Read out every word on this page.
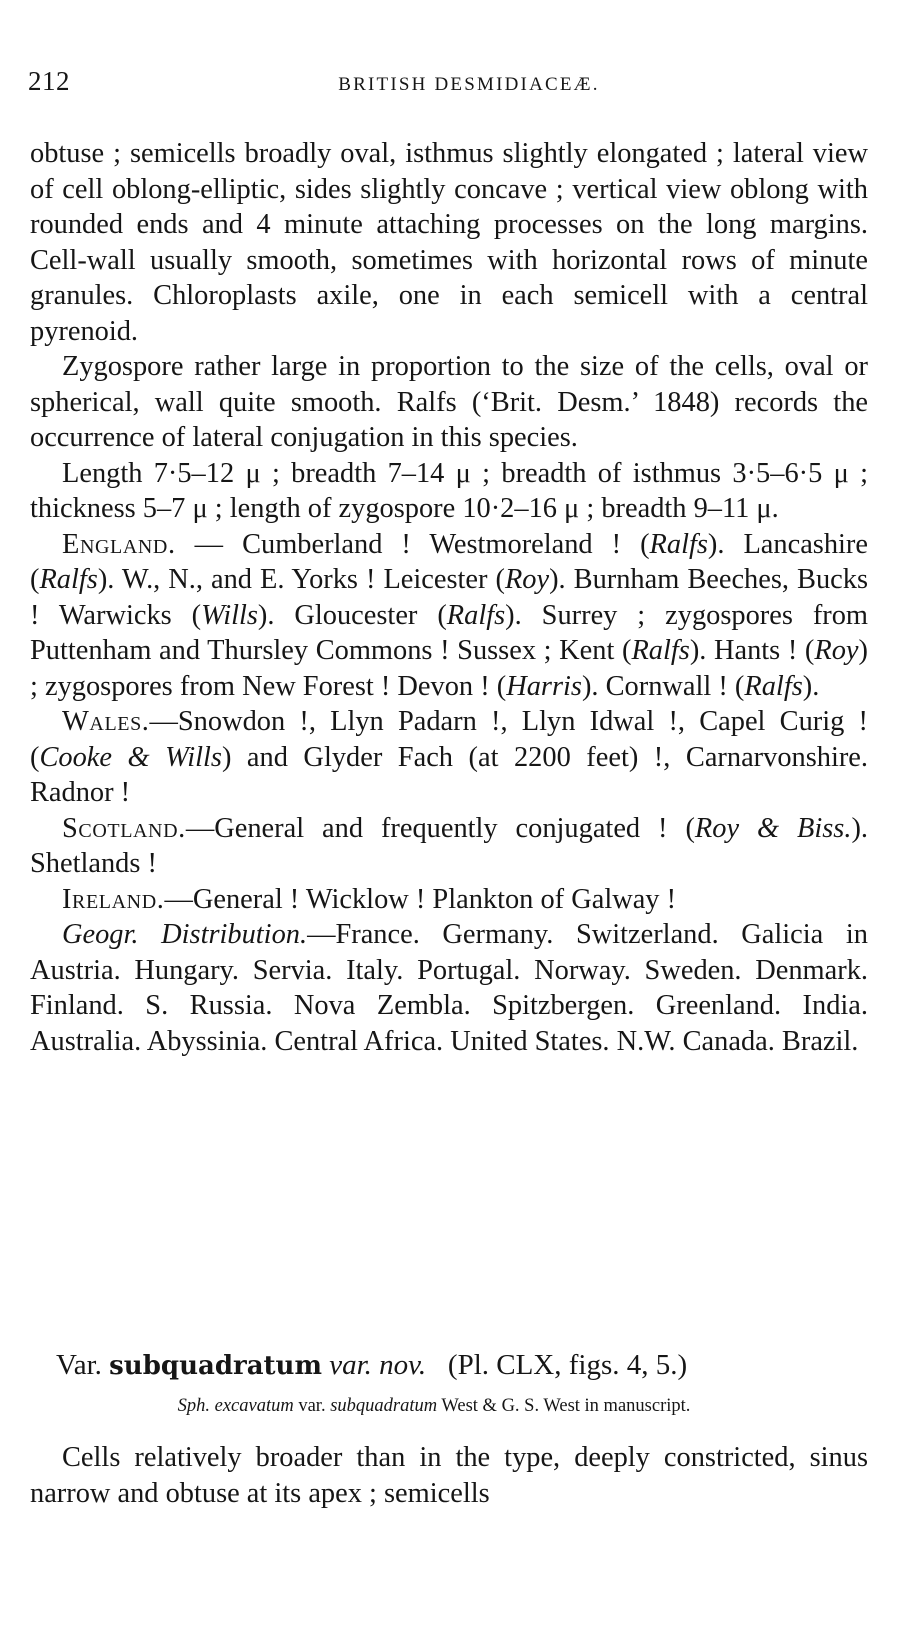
212	BRITISH DESMIDIACEÆ.

obtuse ; semicells broadly oval, isthmus slightly elongated ; lateral view of cell oblong-elliptic, sides slightly concave ; vertical view oblong with rounded ends and 4 minute attaching processes on the long margins. Cell-wall usually smooth, sometimes with horizontal rows of minute granules. Chloroplasts axile, one in each semicell with a central pyrenoid.

Zygospore rather large in proportion to the size of the cells, oval or spherical, wall quite smooth. Ralfs (‘Brit. Desm.’ 1848) records the occurrence of lateral conjugation in this species.

Length 7·5–12 μ ; breadth 7–14 μ ; breadth of isthmus 3·5–6·5 μ ; thickness 5–7 μ ; length of zygospore 10·2–16 μ ; breadth 9–11 μ.

England. — Cumberland ! Westmoreland ! (Ralfs). Lancashire (Ralfs). W., N., and E. Yorks ! Leicester (Roy). Burnham Beeches, Bucks ! Warwicks (Wills). Gloucester (Ralfs). Surrey ; zygospores from Puttenham and Thursley Commons ! Sussex ; Kent (Ralfs). Hants ! (Roy) ; zygospores from New Forest ! Devon ! (Harris). Cornwall ! (Ralfs).

Wales.—Snowdon !, Llyn Padarn !, Llyn Idwal !, Capel Curig ! (Cooke & Wills) and Glyder Fach (at 2200 feet) !, Carnarvonshire. Radnor !

Scotland.—General and frequently conjugated ! (Roy & Biss.). Shetlands !

Ireland.—General ! Wicklow ! Plankton of Galway !

Geogr. Distribution.—France. Germany. Switzerland. Galicia in Austria. Hungary. Servia. Italy. Portugal. Norway. Sweden. Denmark. Finland. S. Russia. Nova Zembla. Spitzbergen. Greenland. India. Australia. Abyssinia. Central Africa. United States. N.W. Canada. Brazil.

Var. subquadratum var. nov. (Pl. CLX, figs. 4, 5.)

Sph. excavatum var. subquadratum West & G. S. West in manuscript.

Cells relatively broader than in the type, deeply constricted, sinus narrow and obtuse at its apex ; semicells
